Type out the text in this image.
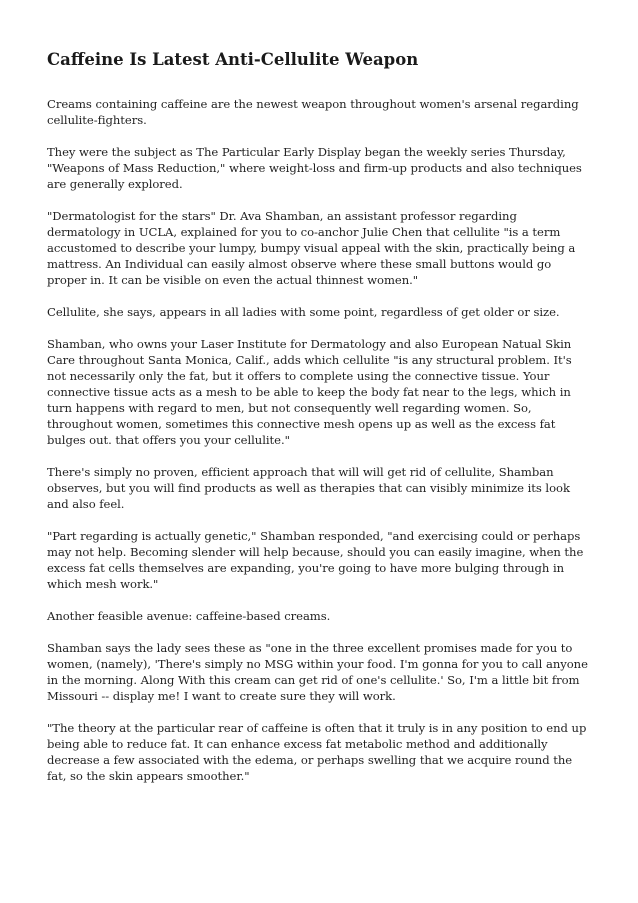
Caffeine Is Latest Anti-Cellulite Weapon

Creams containing caffeine are the newest weapon throughout women's arsenal regarding cellulite-fighters.

They were the subject as The Particular Early Display began the weekly series Thursday, "Weapons of Mass Reduction," where weight-loss and firm-up products and also techniques are generally explored.

"Dermatologist for the stars" Dr. Ava Shamban, an assistant professor regarding dermatology in UCLA, explained for you to co-anchor Julie Chen that cellulite "is a term accustomed to describe your lumpy, bumpy visual appeal with the skin, practically being a mattress. An Individual can easily almost observe where these small buttons would go proper in. It can be visible on even the actual thinnest women."

Cellulite, she says, appears in all ladies with some point, regardless of get older or size.

Shamban, who owns your Laser Institute for Dermatology and also European Natual Skin Care throughout Santa Monica, Calif., adds which cellulite "is any structural problem. It's not necessarily only the fat, but it offers to complete using the connective tissue. Your connective tissue acts as a mesh to be able to keep the body fat near to the legs, which in turn happens with regard to men, but not consequently well regarding women. So, throughout women, sometimes this connective mesh opens up as well as the excess fat bulges out. that offers you your cellulite."

There's simply no proven, efficient approach that will will get rid of cellulite, Shamban observes, but you will find products as well as therapies that can visibly minimize its look and also feel.

"Part regarding is actually genetic," Shamban responded, "and exercising could or perhaps may not help. Becoming slender will help because, should you can easily imagine, when the excess fat cells themselves are expanding, you're going to have more bulging through in which mesh work."

Another feasible avenue: caffeine-based creams.

Shamban says the lady sees these as "one in the three excellent promises made for you to women, (namely), 'There's simply no MSG within your food. I'm gonna for you to call anyone in the morning. Along With this cream can get rid of one's cellulite.' So, I'm a little bit from Missouri -- display me! I want to create sure they will work.

"The theory at the particular rear of caffeine is often that it truly is in any position to end up being able to reduce fat. It can enhance excess fat metabolic method and additionally decrease a few associated with the edema, or perhaps swelling that we acquire round the fat, so the skin appears smoother."
